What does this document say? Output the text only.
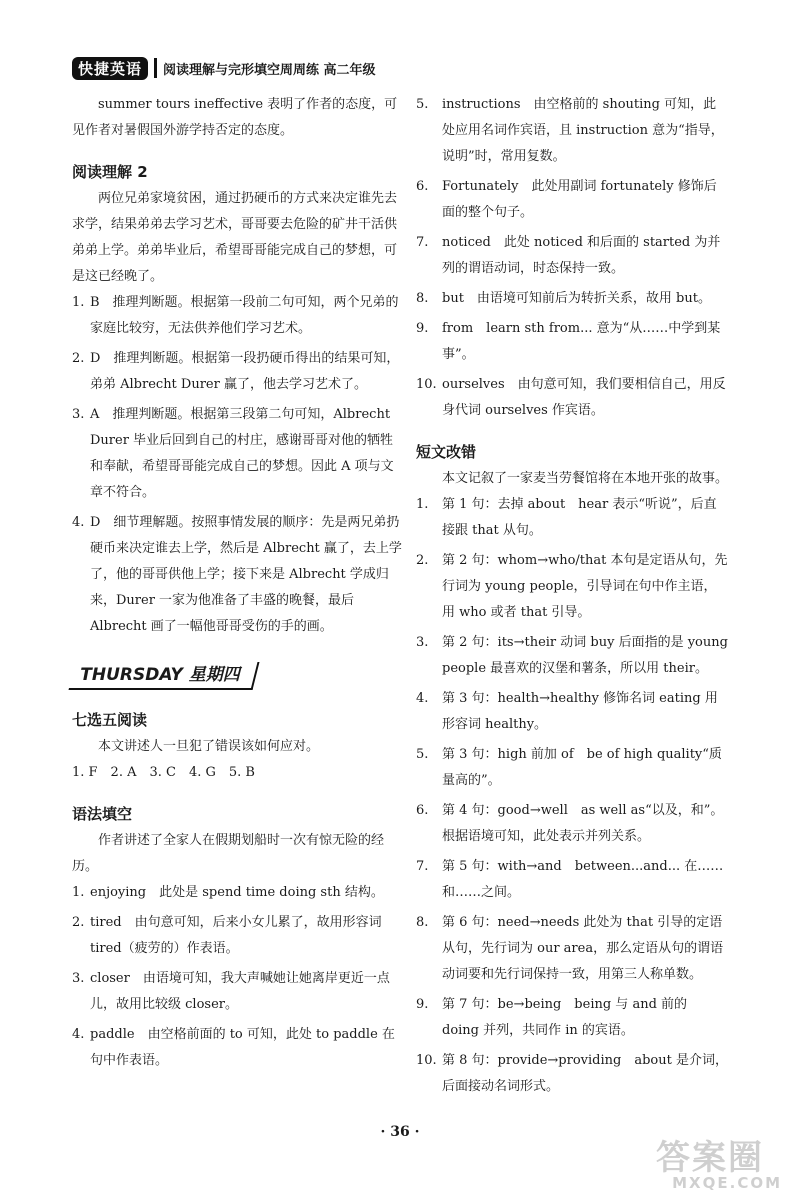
快捷英语	阅读理解与完形填空周周练 高二年级

summer tours ineffective 表明了作者的态度，可见作者对暑假国外游学持否定的态度。

阅读理解 2

两位兄弟家境贫困，通过扔硬币的方式来决定谁先去求学，结果弟弟去学习艺术，哥哥要去危险的矿井干活供弟弟上学。弟弟毕业后，希望哥哥能完成自己的梦想，可是这已经晚了。

1. B　推理判断题。根据第一段前二句可知，两个兄弟的家庭比较穷，无法供养他们学习艺术。
2. D　推理判断题。根据第一段扔硬币得出的结果可知，弟弟 Albrecht Durer 赢了，他去学习艺术了。
3. A　推理判断题。根据第三段第二句可知，Albrecht Durer 毕业后回到自己的村庄，感谢哥哥对他的牺牲和奉献，希望哥哥能完成自己的梦想。因此 A 项与文章不符合。
4. D　细节理解题。按照事情发展的顺序：先是两兄弟扔硬币来决定谁去上学，然后是 Albrecht 赢了，去上学了，他的哥哥供他上学；接下来是 Albrecht 学成归来，Durer 一家为他准备了丰盛的晚餐，最后 Albrecht 画了一幅他哥哥受伤的手的画。
THURSDAY 星期四
七选五阅读

本文讲述人一旦犯了错误该如何应对。

1. F　2. A　3. C　4. G　5. B

语法填空

作者讲述了全家人在假期划船时一次有惊无险的经历。

1. enjoying　此处是 spend time doing sth 结构。
2. tired　由句意可知，后来小女儿累了，故用形容词 tired（疲劳的）作表语。
3. closer　由语境可知，我大声喊她让她离岸更近一点儿，故用比较级 closer。
4. paddle　由空格前面的 to 可知，此处 to paddle 在句中作表语。
5.	instructions　由空格前的 shouting 可知，此处应用名词作宾语，且 instruction 意为“指导，说明”时，常用复数。
6.	Fortunately　此处用副词 fortunately 修饰后面的整个句子。
7.	noticed　此处 noticed 和后面的 started 为并列的谓语动词，时态保持一致。
8.	but　由语境可知前后为转折关系，故用 but。
9.	from　learn sth from... 意为“从……中学到某事”。
10. ourselves　由句意可知，我们要相信自己，用反身代词 ourselves 作宾语。
短文改错

本文记叙了一家麦当劳餐馆将在本地开张的故事。

1.	第 1 句：去掉 about　hear 表示“听说”，后直接跟 that 从句。
2.	第 2 句：whom→who/that 本句是定语从句，先行词为 young people，引导词在句中作主语，用 who 或者 that 引导。
3.	第 2 句：its→their 动词 buy 后面指的是 young people 最喜欢的汉堡和薯条，所以用 their。
4.	第 3 句：health→healthy 修饰名词 eating 用形容词 healthy。
5.	第 3 句：high 前加 of　be of high quality“质量高的”。
6.	第 4 句：good→well　as well as“以及，和”。根据语境可知，此处表示并列关系。
7.	第 5 句：with→and　between...and... 在……和……之间。
8.	第 6 句：need→needs 此处为 that 引导的定语从句，先行词为 our area，那么定语从句的谓语动词要和先行词保持一致，用第三人称单数。
9.	第 7 句：be→being　being 与 and 前的 doing 并列，共同作 in 的宾语。
10. 第 8 句：provide→providing　about 是介词，后面接动名词形式。
· 36 ·
答案圈
MXQE.COM
